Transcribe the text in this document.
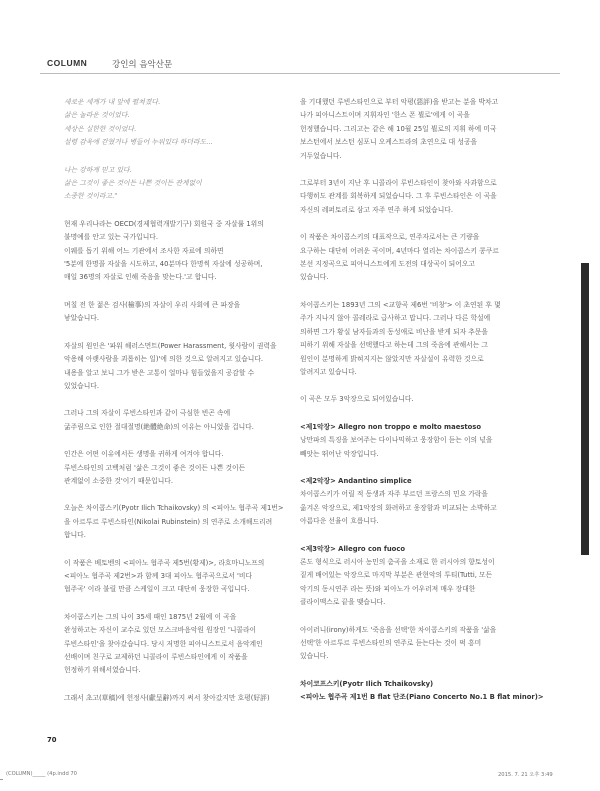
COLUMN	강인의 음악산문

새로운 세계가 내 앞에 펼쳐졌다.
삶은 놀라운 것이었다.
세상은 실한한 것이었다.
설령 감옥에 갇혔거나 병들어 누워있다 하더라도...

나는 강하게 믿고 있다.
삶은 그것이 좋은 것이든 나쁜 것이든 관계없이
소중한 것이라고."

현재 우리나라는 OECD(경제협력개발기구) 회원국 중 자살률 1위의
불명예를 안고 있는 국가입니다.
이웨를 돕기 위해 어느 기관에서 조사한 자료에 의하면
'5분에 한명꼴 자살을 시도하고, 40분마다 한명씩 자살에 성공하며,
매일 36명의 자살로 인해 죽음을 맞는다.'고 합니다.

며칠 전 한 젊은 검사(檢事)의 자살이 우리 사회에 큰 파장을
낳았습니다.

자살의 원인은 '파워 해러스먼트(Power Harassment, 윗사람이 권력을
악용해 아랫사람을 괴롭히는 일)'에 의한 것으로 알려지고 있습니다.
내용을 알고 보니 그가 받은 고통이 얼마나 힘들었을지 공감할 수
있었습니다.

그러나 그의 자살이 루빈스타인과 같이 극심한 빈곤 속에
굶주림으로 인한 절대절명(絶體絶命)의 이유는 아니었을 겁니다.

인간은 어떤 이유에서든 생명을 귀하게 여겨야 합니다.
루빈스타인의 고백처럼 '삶은 그것이 좋은 것이든 나쁜 것이든
관계없이 소중한 것'이기 때문입니다.

오늘은 차이콥스키(Pyotr Ilich Tchaikovsky) 의 <피아노 협주곡 제1번>
을 아르투르 루빈스타인(Nikolai Rubinstein) 의 연주로 소개해드리려
합니다.

이 작품은 베토벤의 <피아노 협주곡 제5번(황제)>, 라흐마니노프의
<피아노 협주곡 제2번>과 함께 3대 피아노 협주곡으로서 '비다
협주곡' 이라 불릴 만큼 스케일이 크고 대단히 웅장한 곡입니다.

차이콥스키는 그의 나이 35세 때인 1875년 2월에 이 곡을
완성하고는 자신이 교수로 있던 모스크바음악원 원장인 '니콜라이
루빈스타인'을 찾아갔습니다. 당시 저명한 피아니스트로서 음악계인
선배이며 친구로 교제하던 니콜라이 루빈스타인에게 이 작품을
헌정하기 위해서였습니다.

그래서 초고(草稿)에 헌정사(獻呈辭)까지 써서 찾아갔지만 호평(好評)

을 기대했던 루빈스타인으로 부터 악평(惡評)을 받고는 분을 박차고
나가 피아니스트이며 지휘자인 '한스 폰 뷜로'에게 이 곡을
헌정했습니다. 그리고는 같은 해 10월 25일 뷜로의 지휘 하에 미국
보스턴에서 보스턴 심포니 오케스트라의 초연으로 대 성공을
거두었습니다.

그로부터 3년이 지난 후 니콜라이 루빈스타인이 찾아와 사과함으로
다행히도 관계를 회복하게 되었습니다. 그 후 루빈스타인은 이 곡을
자신의 레퍼토리로 삼고 자주 연주 하게 되었습니다.

이 작품은 차이콥스키의 대표작으로, 연주자로서는 큰 기량을
요구하는 대단히 어려운 곡이며, 4년마다 열리는 차이콥스키 콩쿠르
본선 지정곡으로 피아니스트에게 도전의 대상곡이 되어오고
있습니다.

차이콥스키는 1893년 그의 <교향곡 제6번 '비창'> 이 초연된 후 몇
주가 지나지 않아 콜레라로 급사하고 맙니다. 그러나 다른 학설에
의하면 그가 황실 남자들과의 동성애로 비난을 받게 되자 추문을
피하기 위해 자살을 선택했다고 하는데 그의 죽음에 관해서는 그
원인이 분명하게 밝혀지지는 않았지만 자살설이 유력한 것으로
알려지고 있습니다.

이 곡은 모두 3악장으로 되어있습니다.

<제1악장> Allegro non troppo e molto maestoso
낭만파의 특징을 보여주는 다이나믹하고 웅장함이 듣는 이의 넋을
빼앗는 뛰어난 악장입니다.

<제2악장> Andantino simplice
차이콥스키가 어릴 적 동생과 자주 부르던 프랑스의 민요 가락을
옮겨온 악장으로, 제1악장의 화려하고 웅장함과 비교되는 소박하고
아름다운 선율이 흐릅니다.

<제3악장> Allegro con fuoco
론도 형식으로 러시아 농민의 춤곡을 소재로 한 러시아의 향토성이
짙게 배어있는 악장으로 마지막 부분은 관현악의 투티(Tutti, 모든
악기의 동시연주 라는 뜻)와 피아노가 어우러져 매우 장대한
클라이맥스로 끝을 맺습니다.

아이러니(irony)하게도 '죽음을 선택'한 차이콥스키의 작품을 '삶을
선택'한 아르투르 루빈스타인의 연주로 듣는다는 것이 퍽 흥미
있습니다.

차이코프스키(Pyotr Ilich Tchaikovsky)
<피아노 협주곡 제1번 B flat 단조(Piano Concerto No.1 B flat minor)>

70
(COLUMN)_____ (4p.indd 70	2015. 7. 21 오후 3:49
